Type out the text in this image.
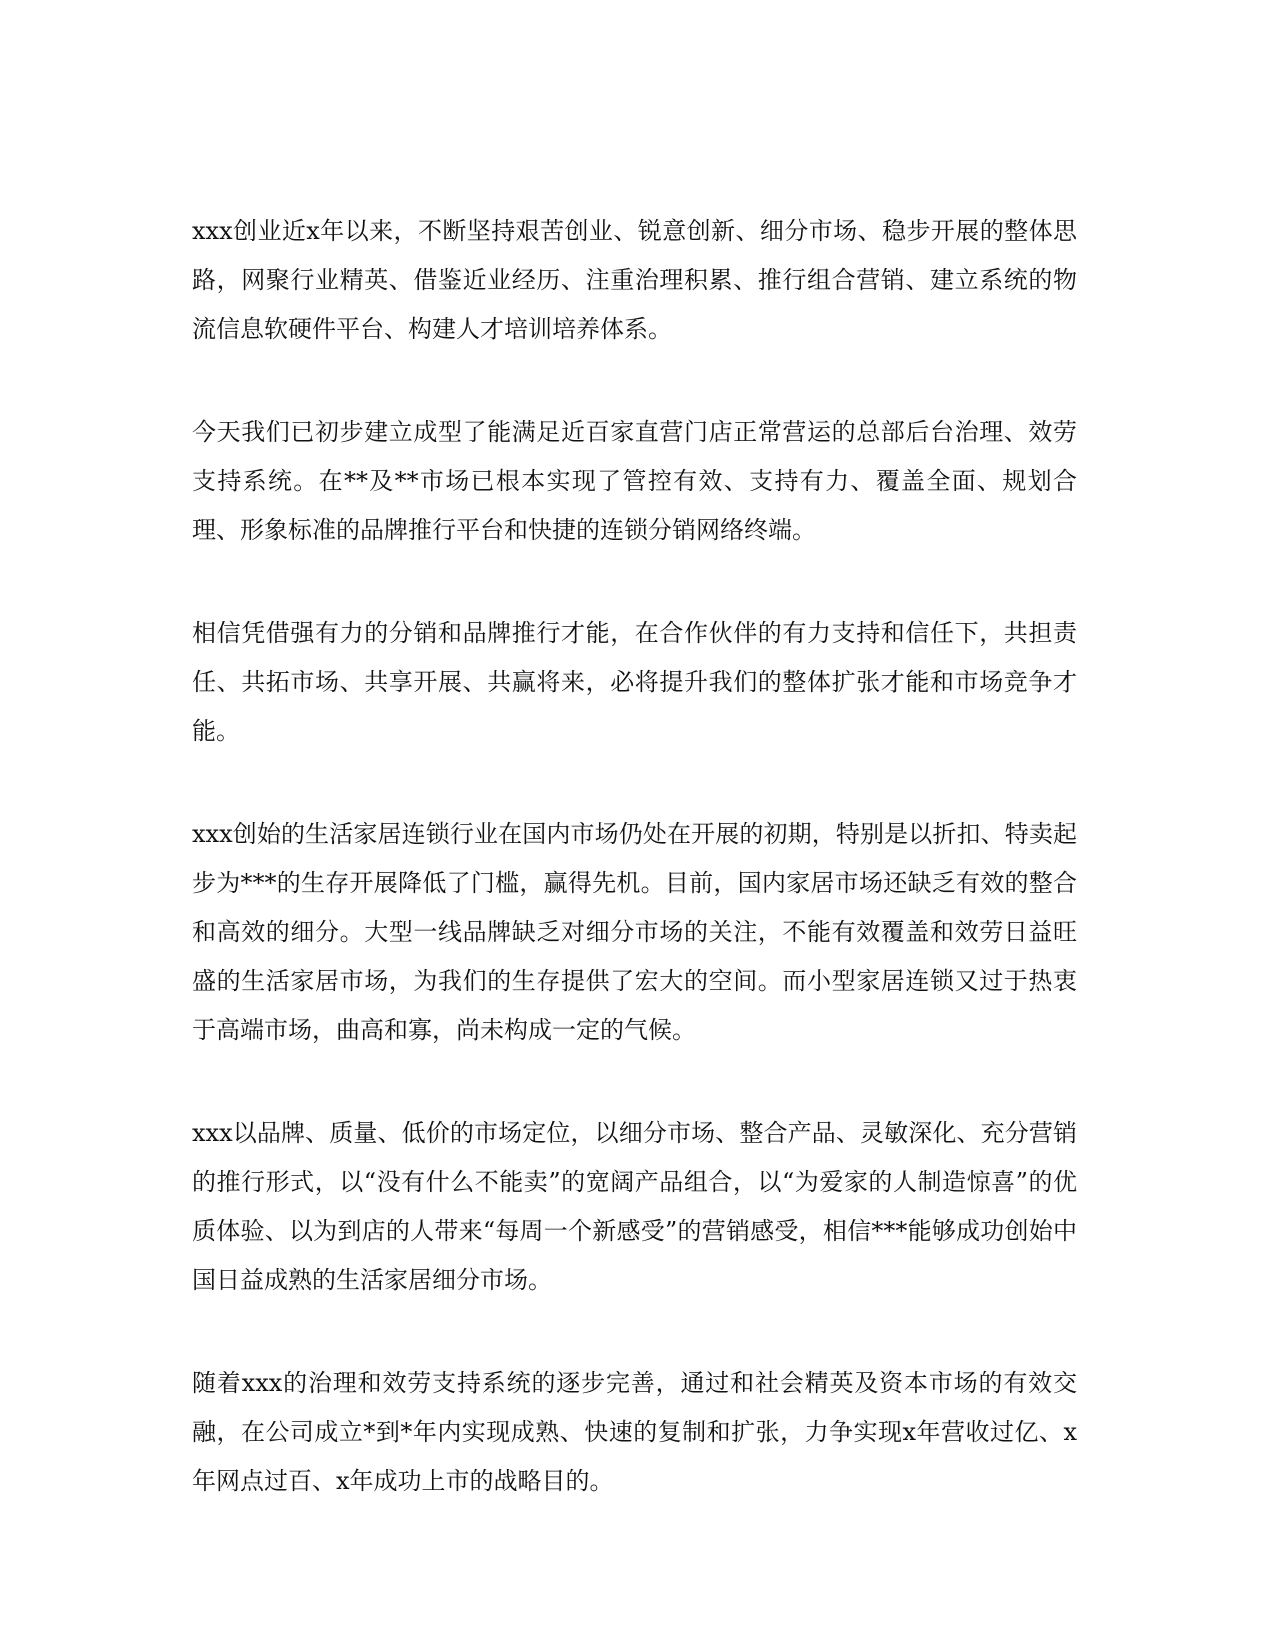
xxx创业近x年以来，不断坚持艰苦创业、锐意创新、细分市场、稳步开展的整体思路，网聚行业精英、借鉴近业经历、注重治理积累、推行组合营销、建立系统的物流信息软硬件平台、构建人才培训培养体系。

今天我们已初步建立成型了能满足近百家直营门店正常营运的总部后台治理、效劳支持系统。在**及**市场已根本实现了管控有效、支持有力、覆盖全面、规划合理、形象标准的品牌推行平台和快捷的连锁分销网络终端。

相信凭借强有力的分销和品牌推行才能，在合作伙伴的有力支持和信任下，共担责任、共拓市场、共享开展、共赢将来，必将提升我们的整体扩张才能和市场竞争才能。

xxx创始的生活家居连锁行业在国内市场仍处在开展的初期，特别是以折扣、特卖起步为***的生存开展降低了门槛，赢得先机。目前，国内家居市场还缺乏有效的整合和高效的细分。大型一线品牌缺乏对细分市场的关注，不能有效覆盖和效劳日益旺盛的生活家居市场，为我们的生存提供了宏大的空间。而小型家居连锁又过于热衷于高端市场，曲高和寡，尚未构成一定的气候。

xxx以品牌、质量、低价的市场定位，以细分市场、整合产品、灵敏深化、充分营销的推行形式，以“没有什么不能卖”的宽阔产品组合，以“为爱家的人制造惊喜”的优质体验、以为到店的人带来“每周一个新感受”的营销感受，相信***能够成功创始中国日益成熟的生活家居细分市场。

随着xxx的治理和效劳支持系统的逐步完善，通过和社会精英及资本市场的有效交融，在公司成立*到*年内实现成熟、快速的复制和扩张，力争实现x年营收过亿、x年网点过百、x年成功上市的战略目的。
